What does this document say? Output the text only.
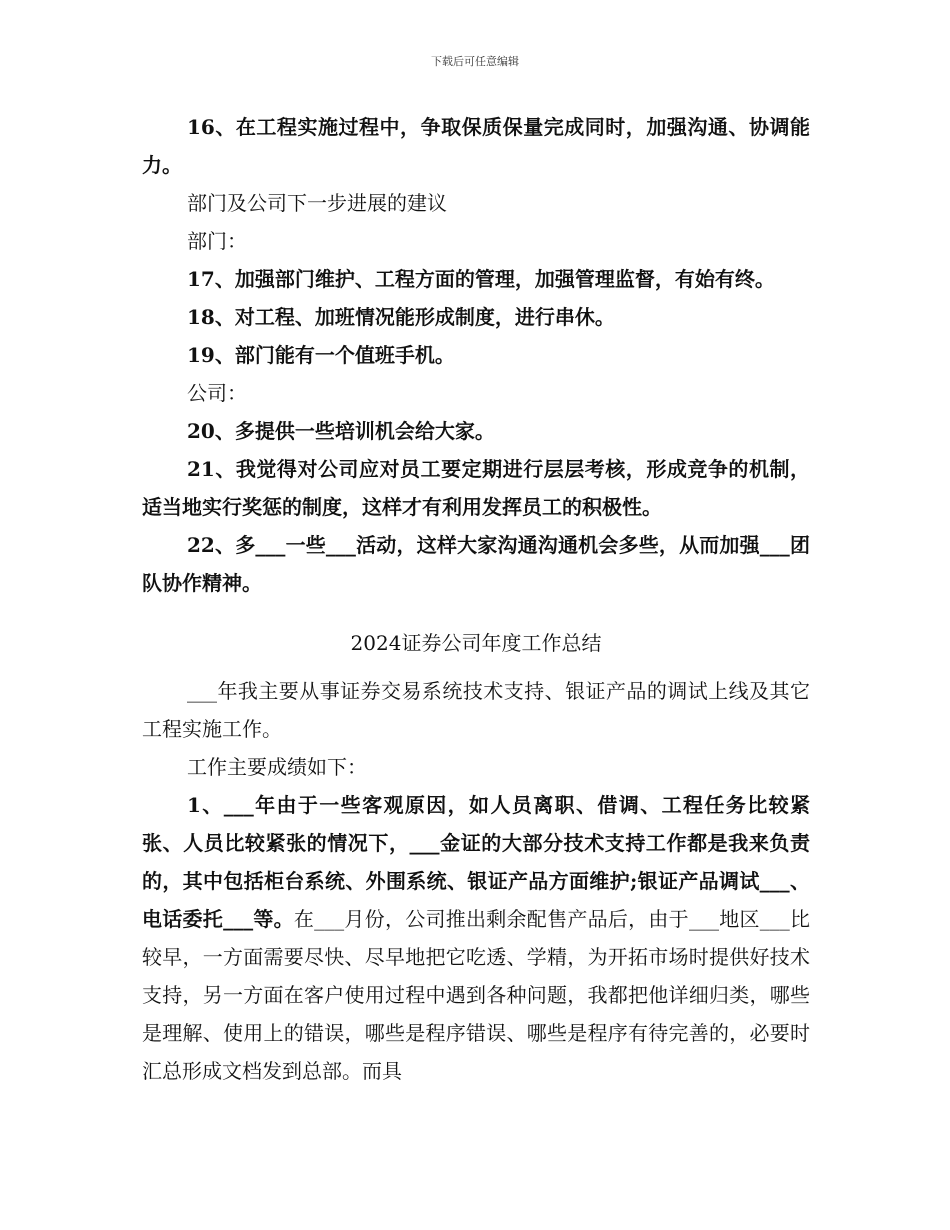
下载后可任意编辑

16、在工程实施过程中，争取保质保量完成同时，加强沟通、协调能力。

部门及公司下一步进展的建议

部门：

17、加强部门维护、工程方面的管理，加强管理监督，有始有终。

18、对工程、加班情况能形成制度，进行串休。

19、部门能有一个值班手机。

公司：

20、多提供一些培训机会给大家。

21、我觉得对公司应对员工要定期进行层层考核，形成竞争的机制，适当地实行奖惩的制度，这样才有利用发挥员工的积极性。

22、多___一些___活动，这样大家沟通沟通机会多些，从而加强___团队协作精神。

2024证券公司年度工作总结

___年我主要从事证券交易系统技术支持、银证产品的调试上线及其它工程实施工作。

工作主要成绩如下：

1、___年由于一些客观原因，如人员离职、借调、工程任务比较紧张、人员比较紧张的情况下，___金证的大部分技术支持工作都是我来负责的，其中包括柜台系统、外围系统、银证产品方面维护;银证产品调试___、电话委托___等。在___月份，公司推出剩余配售产品后，由于___地区___比较早，一方面需要尽快、尽早地把它吃透、学精，为开拓市场时提供好技术支持，另一方面在客户使用过程中遇到各种问题，我都把他详细归类，哪些是理解、使用上的错误，哪些是程序错误、哪些是程序有待完善的，必要时汇总形成文档发到总部。而具
